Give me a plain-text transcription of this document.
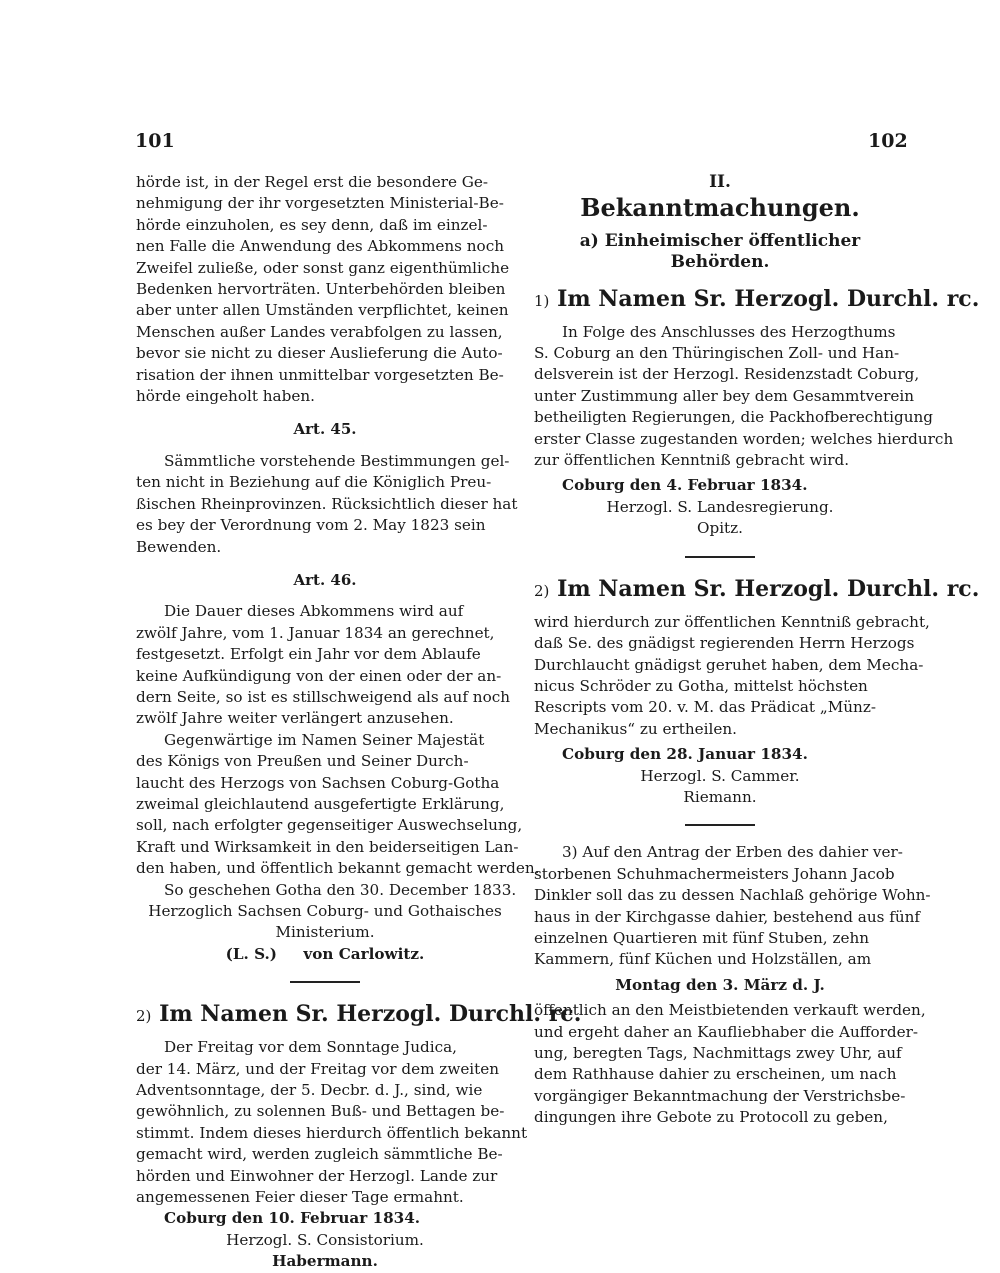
101	102

hörde ist, in der Regel erst die besondere Ge-
nehmigung der ihr vorgesetzten Ministerial-Be-
hörde einzuholen, es sey denn, daß im einzel-
nen Falle die Anwendung des Abkommens noch
Zweifel zuließe, oder sonst ganz eigenthümliche
Bedenken hervorträten. Unterbehörden bleiben
aber unter allen Umständen verpflichtet, keinen
Menschen außer Landes verabfolgen zu lassen,
bevor sie nicht zu dieser Auslieferung die Auto-
risation der ihnen unmittelbar vorgesetzten Be-
hörde eingeholt haben.

Art. 45.

Sämmtliche vorstehende Bestimmungen gel-
ten nicht in Beziehung auf die Königlich Preu-
ßischen Rheinprovinzen. Rücksichtlich dieser hat
es bey der Verordnung vom 2. May 1823 sein
Bewenden.

Art. 46.

Die Dauer dieses Abkommens wird auf
zwölf Jahre, vom 1. Januar 1834 an gerechnet,
festgesetzt. Erfolgt ein Jahr vor dem Ablaufe
keine Aufkündigung von der einen oder der an-
dern Seite, so ist es stillschweigend als auf noch
zwölf Jahre weiter verlängert anzusehen.

Gegenwärtige im Namen Seiner Majestät
des Königs von Preußen und Seiner Durch-
laucht des Herzogs von Sachsen Coburg-Gotha
zweimal gleichlautend ausgefertigte Erklärung,
soll, nach erfolgter gegenseitiger Auswechselung,
Kraft und Wirksamkeit in den beiderseitigen Lan-
den haben, und öffentlich bekannt gemacht werden.

So geschehen Gotha den 30. December 1833.

Herzoglich Sachsen Coburg- und Gothaisches
Ministerium.

(L. S.)     von Carlowitz.

2) Im Namen Sr. Herzogl. Durchl. rc.

Der Freitag vor dem Sonntage Judica,
der 14. März, und der Freitag vor dem zweiten
Adventsonntage, der 5. Decbr. d. J., sind, wie
gewöhnlich, zu solennen Buß- und Bettagen be-
stimmt. Indem dieses hierdurch öffentlich bekannt
gemacht wird, werden zugleich sämmtliche Be-
hörden und Einwohner der Herzogl. Lande zur
angemessenen Feier dieser Tage ermahnt.

Coburg den 10. Februar 1834.
Herzogl. S. Consistorium.
Habermann.

II.
Bekanntmachungen.
a) Einheimischer öffentlicher Behörden.
1) Im Namen Sr. Herzogl. Durchl. rc.

In Folge des Anschlusses des Herzogthums
S. Coburg an den Thüringischen Zoll- und Han-
delsverein ist der Herzogl. Residenzstadt Coburg,
unter Zustimmung aller bey dem Gesammtverein
betheiligten Regierungen, die Packhofberechtigung
erster Classe zugestanden worden; welches hierdurch
zur öffentlichen Kenntniß gebracht wird.

Coburg den 4. Februar 1834.
Herzogl. S. Landesregierung.
Opitz.

2) Im Namen Sr. Herzogl. Durchl. rc.

wird hierdurch zur öffentlichen Kenntniß gebracht,
daß Se. des gnädigst regierenden Herrn Herzogs
Durchlaucht gnädigst geruhet haben, dem Mecha-
nicus Schröder zu Gotha, mittelst höchsten
Rescripts vom 20. v. M. das Prädicat „Münz-
Mechanikus“ zu ertheilen.

Coburg den 28. Januar 1834.
Herzogl. S. Cammer.
Riemann.

3) Auf den Antrag der Erben des dahier ver-
storbenen Schuhmachermeisters Johann Jacob
Dinkler soll das zu dessen Nachlaß gehörige Wohn-
haus in der Kirchgasse dahier, bestehend aus fünf
einzelnen Quartieren mit fünf Stuben, zehn
Kammern, fünf Küchen und Holzställen, am

Montag den 3. März d. J.

öffentlich an den Meistbietenden verkauft werden,
und ergeht daher an Kaufliebhaber die Aufforder-
ung, beregten Tags, Nachmittags zwey Uhr, auf
dem Rathhause dahier zu erscheinen, um nach
vorgängiger Bekanntmachung der Verstrichsbe-
dingungen ihre Gebote zu Protocoll zu geben,
